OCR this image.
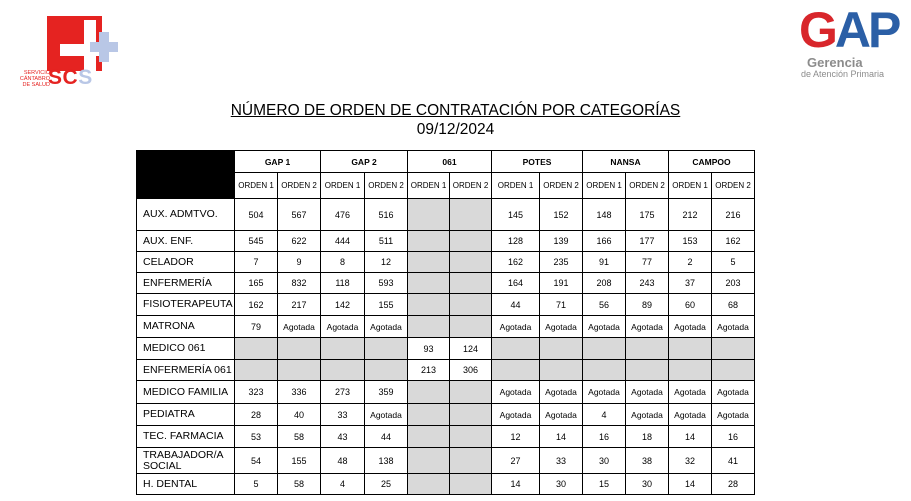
SERVICIO
CÁNTABRO
DE SALUD
SCS
GAP
Gerencia
de Atención Primaria
NÚMERO DE ORDEN DE CONTRATACIÓN POR CATEGORÍAS
09/12/2024
	GAP 1		GAP 2		061		POTES		NANSA		CAMPOO	
	ORDEN 1	ORDEN 2	ORDEN 1	ORDEN 2	ORDEN 1	ORDEN 2	ORDEN 1	ORDEN 2	ORDEN 1	ORDEN 2	ORDEN 1	ORDEN 2
AUX. ADMTVO.	504	567	476	516			145	152	148	175	212	216
AUX. ENF.	545	622	444	511			128	139	166	177	153	162
CELADOR	7	9	8	12			162	235	91	77	2	5
ENFERMERÍA	165	832	118	593			164	191	208	243	37	203
FISIOTERAPEUTA	162	217	142	155			44	71	56	89	60	68
MATRONA	79	Agotada	Agotada	Agotada			Agotada	Agotada	Agotada	Agotada	Agotada	Agotada
MEDICO 061					93	124						
ENFERMERÍA 061					213	306						
MEDICO FAMILIA	323	336	273	359			Agotada	Agotada	Agotada	Agotada	Agotada	Agotada
PEDIATRA	28	40	33	Agotada			Agotada	Agotada	4	Agotada	Agotada	Agotada
TEC. FARMACIA	53	58	43	44			12	14	16	18	14	16
TRABAJADOR/A SOCIAL	54	155	48	138			27	33	30	38	32	41
H. DENTAL	5	58	4	25			14	30	15	30	14	28
